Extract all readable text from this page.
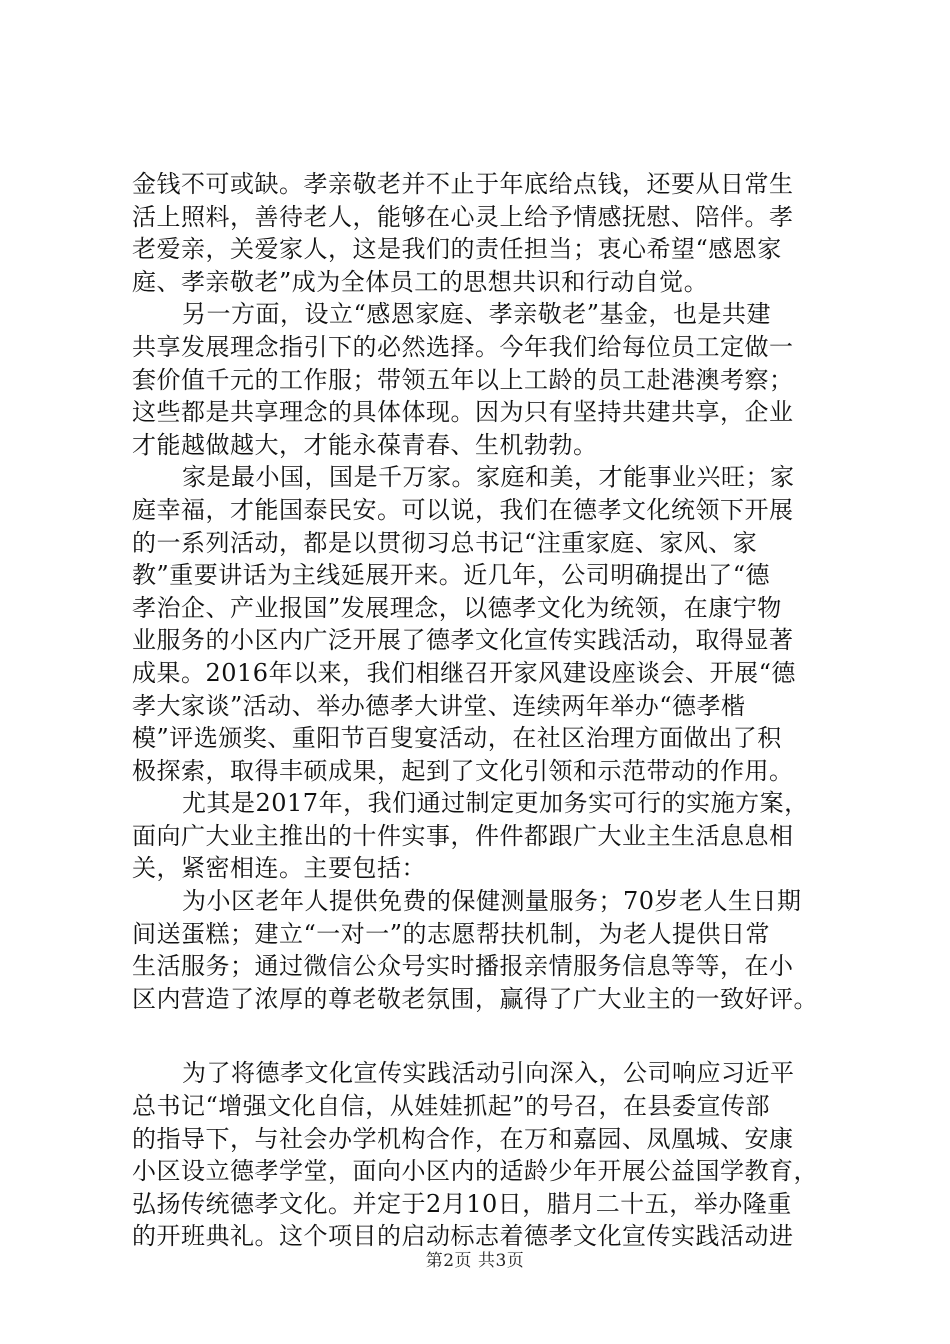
金钱不可或缺。孝亲敬老并不止于年底给点钱，还要从日常生
活上照料，善待老人，能够在心灵上给予情感抚慰、陪伴。孝
老爱亲，关爱家人，这是我们的责任担当；衷心希望“感恩家
庭、孝亲敬老”成为全体员工的思想共识和行动自觉。
另一方面，设立“感恩家庭、孝亲敬老”基金，也是共建
共享发展理念指引下的必然选择。今年我们给每位员工定做一
套价值千元的工作服；带领五年以上工龄的员工赴港澳考察；
这些都是共享理念的具体体现。因为只有坚持共建共享，企业
才能越做越大，才能永葆青春、生机勃勃。
家是最小国，国是千万家。家庭和美，才能事业兴旺；家
庭幸福，才能国泰民安。可以说，我们在德孝文化统领下开展
的一系列活动，都是以贯彻习总书记“注重家庭、家风、家
教”重要讲话为主线延展开来。近几年，公司明确提出了“德
孝治企、产业报国”发展理念，以德孝文化为统领，在康宁物
业服务的小区内广泛开展了德孝文化宣传实践活动，取得显著
成果。2016年以来，我们相继召开家风建设座谈会、开展“德
孝大家谈”活动、举办德孝大讲堂、连续两年举办“德孝楷
模”评选颁奖、重阳节百叟宴活动，在社区治理方面做出了积
极探索，取得丰硕成果，起到了文化引领和示范带动的作用。
尤其是2017年，我们通过制定更加务实可行的实施方案，
面向广大业主推出的十件实事，件件都跟广大业主生活息息相
关，紧密相连。主要包括：
为小区老年人提供免费的保健测量服务；70岁老人生日期
间送蛋糕；建立“一对一”的志愿帮扶机制，为老人提供日常
生活服务；通过微信公众号实时播报亲情服务信息等等，在小
区内营造了浓厚的尊老敬老氛围，赢得了广大业主的一致好评。
为了将德孝文化宣传实践活动引向深入，公司响应习近平
总书记“增强文化自信，从娃娃抓起”的号召，在县委宣传部
的指导下，与社会办学机构合作，在万和嘉园、凤凰城、安康
小区设立德孝学堂，面向小区内的适龄少年开展公益国学教育，
弘扬传统德孝文化。并定于2月10日，腊月二十五，举办隆重
的开班典礼。这个项目的启动标志着德孝文化宣传实践活动进
第2页 共3页
